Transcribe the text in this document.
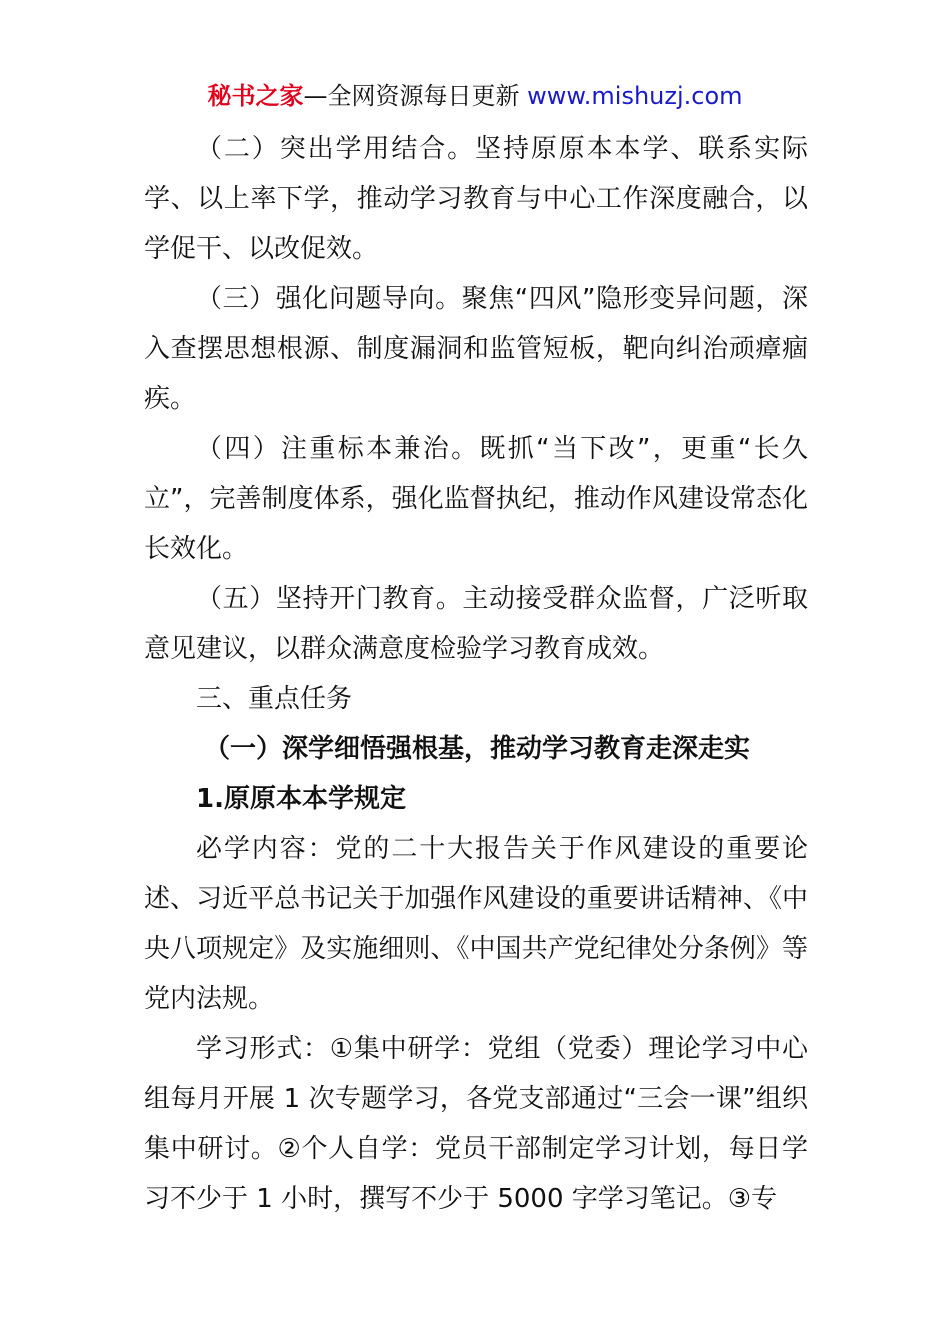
秘书之家—全网资源每日更新 www.mishuzj.com

（二）突出学用结合。坚持原原本本学、联系实际学、以上率下学，推动学习教育与中心工作深度融合，以学促干、以改促效。

（三）强化问题导向。聚焦“四风”隐形变异问题，深入查摆思想根源、制度漏洞和监管短板，靶向纠治顽瘴痼疾。

（四）注重标本兼治。既抓“当下改”，更重“长久立”，完善制度体系，强化监督执纪，推动作风建设常态化长效化。

（五）坚持开门教育。主动接受群众监督，广泛听取意见建议，以群众满意度检验学习教育成效。

三、重点任务

（一）深学细悟强根基，推动学习教育走深走实

1.原原本本学规定

必学内容：党的二十大报告关于作风建设的重要论述、习近平总书记关于加强作风建设的重要讲话精神、《中央八项规定》及实施细则、《中国共产党纪律处分条例》等党内法规。

学习形式：①集中研学：党组（党委）理论学习中心组每月开展 1 次专题学习，各党支部通过“三会一课”组织集中研讨。②个人自学：党员干部制定学习计划，每日学习不少于 1 小时，撰写不少于 5000 字学习笔记。③专
